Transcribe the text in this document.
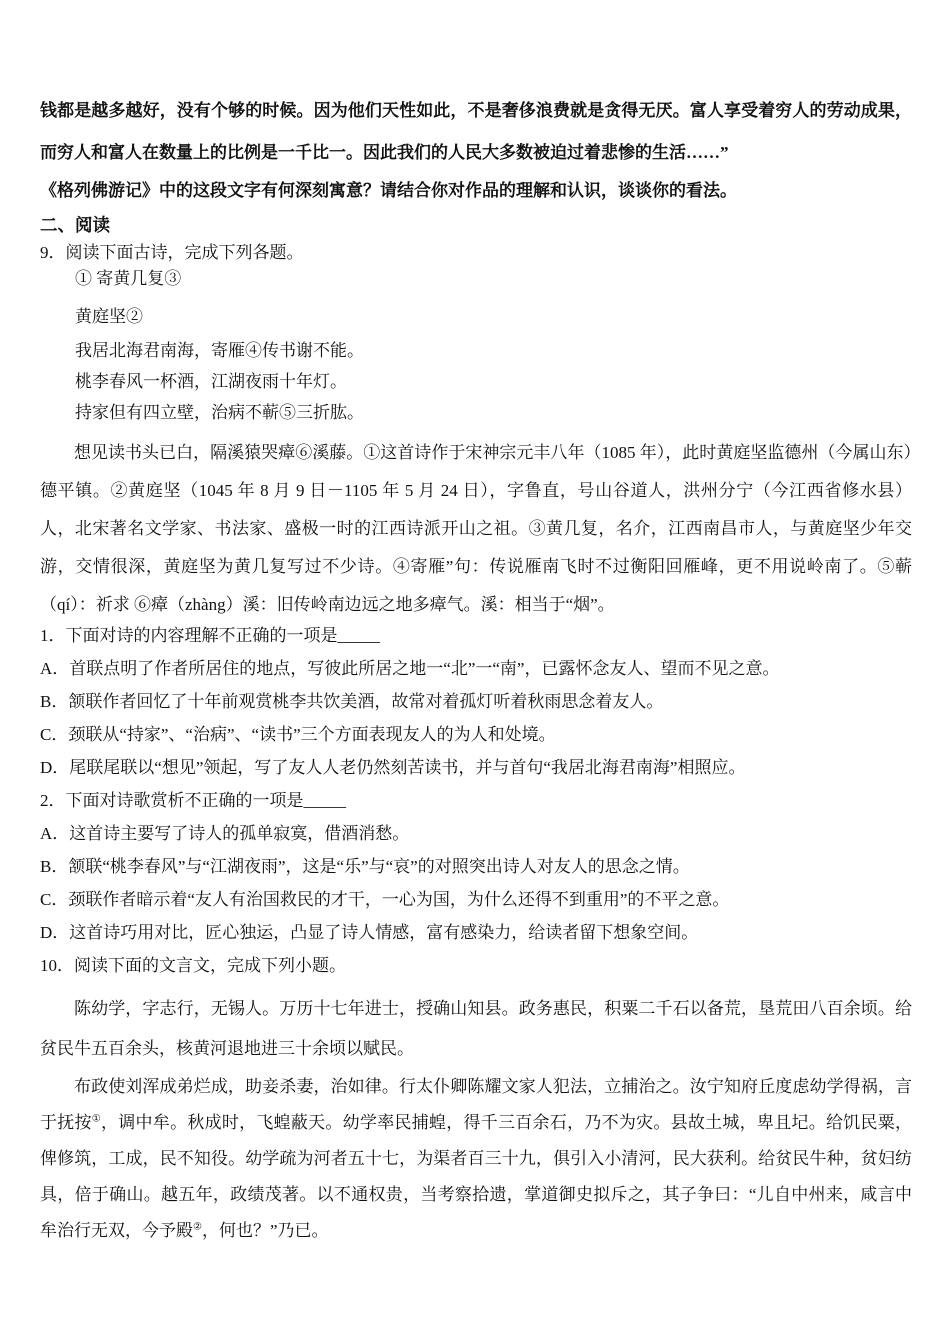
钱都是越多越好，没有个够的时候。因为他们天性如此，不是奢侈浪费就是贪得无厌。富人享受着穷人的劳动成果，而穷人和富人在数量上的比例是一千比一。因此我们的人民大多数被迫过着悲惨的生活……”

《格列佛游记》中的这段文字有何深刻寓意？请结合你对作品的理解和认识，谈谈你的看法。

二、阅读

9．阅读下面古诗，完成下列各题。

① 寄黄几复③

黄庭坚②

我居北海君南海，寄雁④传书谢不能。

桃李春风一杯酒，江湖夜雨十年灯。

持家但有四立壁，治病不蕲⑤三折肱。

想见读书头已白，隔溪猿哭瘴⑥溪藤。①这首诗作于宋神宗元丰八年（1085 年），此时黄庭坚监德州（今属山东）德平镇。②黄庭坚（1045 年 8 月 9 日－1105 年 5 月 24 日），字鲁直，号山谷道人，洪州分宁（今江西省修水县）人，北宋著名文学家、书法家、盛极一时的江西诗派开山之祖。③黄几复，名介，江西南昌市人，与黄庭坚少年交游，交情很深，黄庭坚为黄几复写过不少诗。④寄雁”句：传说雁南飞时不过衡阳回雁峰，更不用说岭南了。⑤蕲（qí）：祈求 ⑥瘴（zhàng）溪：旧传岭南边远之地多瘴气。溪：相当于“烟”。

1．下面对诗的内容理解不正确的一项是_____

A．首联点明了作者所居住的地点，写彼此所居之地一“北”一“南”，已露怀念友人、望而不见之意。

B．颔联作者回忆了十年前观赏桃李共饮美酒，故常对着孤灯听着秋雨思念着友人。

C．颈联从“持家”、“治病”、“读书”三个方面表现友人的为人和处境。

D．尾联尾联以“想见”领起，写了友人人老仍然刻苦读书，并与首句“我居北海君南海”相照应。

2．下面对诗歌赏析不正确的一项是_____

A．这首诗主要写了诗人的孤单寂寞，借酒消愁。

B．颔联“桃李春风”与“江湖夜雨”，这是“乐”与“哀”的对照突出诗人对友人的思念之情。

C．颈联作者暗示着“友人有治国救民的才干，一心为国，为什么还得不到重用”的不平之意。

D．这首诗巧用对比，匠心独运，凸显了诗人情感，富有感染力，给读者留下想象空间。

10．阅读下面的文言文，完成下列小题。

陈幼学，字志行，无锡人。万历十七年进士，授确山知县。政务惠民，积粟二千石以备荒，垦荒田八百余顷。给贫民牛五百余头，核黄河退地进三十余顷以赋民。

布政使刘浑成弟烂成，助妾杀妻，治如律。行太仆卿陈耀文家人犯法，立捕治之。汝宁知府丘度虑幼学得祸，言于抚按①，调中牟。秋成时，飞蝗蔽天。幼学率民捕蝗，得千三百余石，乃不为灾。县故土城，卑且圮。给饥民粟，俾修筑，工成，民不知役。幼学疏为河者五十七，为渠者百三十九，俱引入小清河，民大获利。给贫民牛种，贫妇纺具，倍于确山。越五年，政绩茂著。以不通权贵，当考察拾遗，掌道御史拟斥之，其子争曰：“儿自中州来，咸言中牟治行无双，今予殿②，何也？”乃已。
